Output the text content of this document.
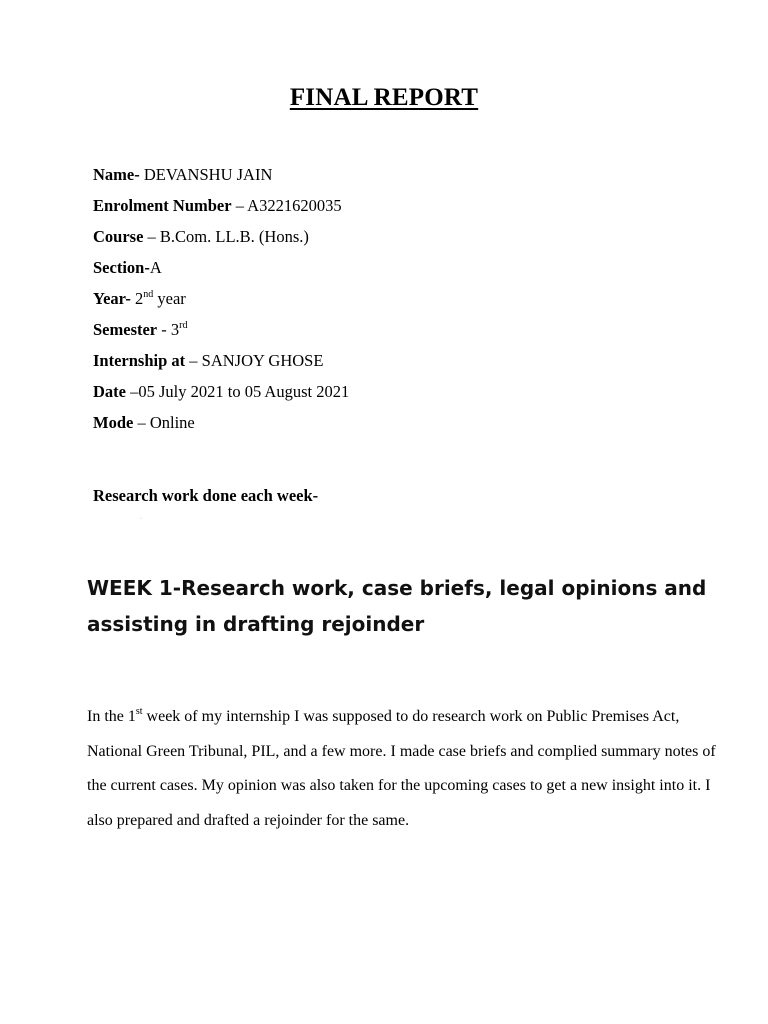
FINAL REPORT
Name- DEVANSHU JAIN
Enrolment Number – A3221620035
Course – B.Com. LL.B. (Hons.)
Section-A
Year- 2nd year
Semester - 3rd
Internship at – SANJOY GHOSE
Date –05 July 2021 to 05 August 2021
Mode – Online
Research work done each week-
·
WEEK 1-Research work, case briefs, legal opinions and assisting in drafting rejoinder
In the 1st week of my internship I was supposed to do research work on Public Premises Act, National Green Tribunal, PIL, and a few more. I made case briefs and complied summary notes of the current cases. My opinion was also taken for the upcoming cases to get a new insight into it. I also prepared and drafted a rejoinder for the same.
